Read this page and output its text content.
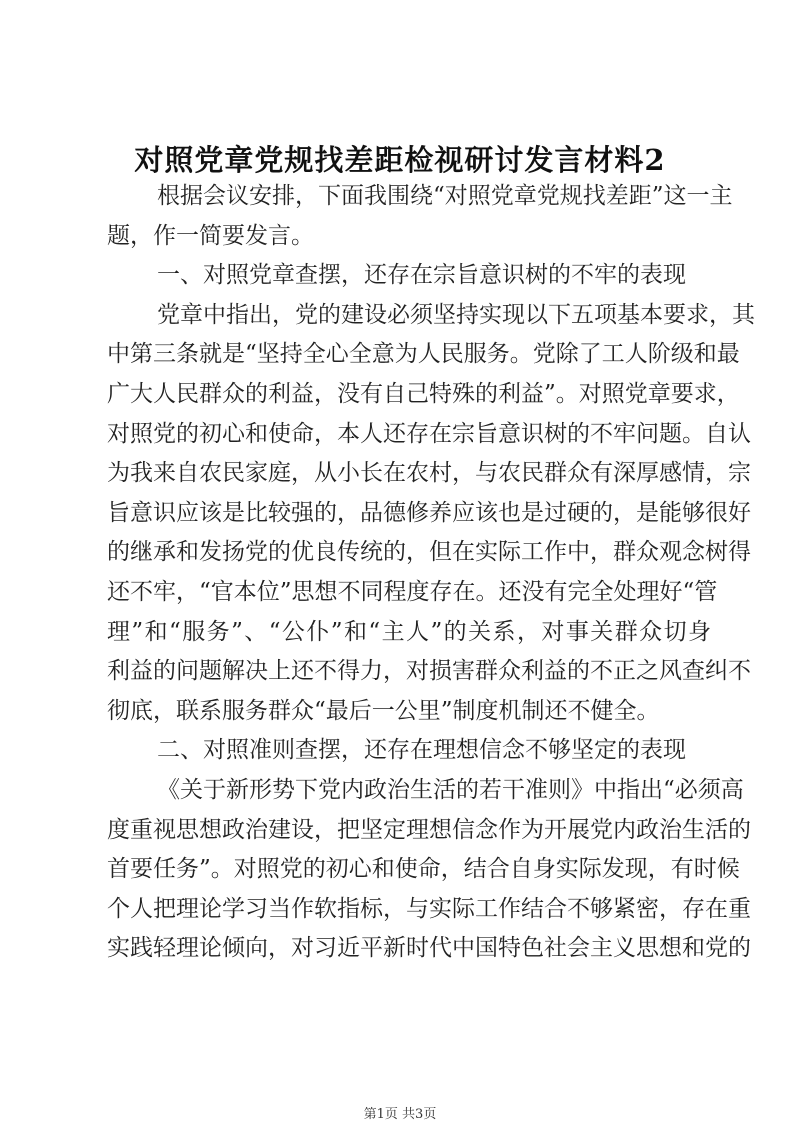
对照党章党规找差距检视研讨发言材料2
根据会议安排，下面我围绕“对照党章党规找差距”这一主
题，作一简要发言。
一、对照党章查摆，还存在宗旨意识树的不牢的表现
党章中指出，党的建设必须坚持实现以下五项基本要求，其
中第三条就是“坚持全心全意为人民服务。党除了工人阶级和最
广大人民群众的利益，没有自己特殊的利益”。对照党章要求，
对照党的初心和使命，本人还存在宗旨意识树的不牢问题。自认
为我来自农民家庭，从小长在农村，与农民群众有深厚感情，宗
旨意识应该是比较强的，品德修养应该也是过硬的，是能够很好
的继承和发扬党的优良传统的，但在实际工作中，群众观念树得
还不牢，“官本位”思想不同程度存在。还没有完全处理好“管
理”和“服务”、“公仆”和“主人”的关系，对事关群众切身
利益的问题解决上还不得力，对损害群众利益的不正之风查纠不
彻底，联系服务群众“最后一公里”制度机制还不健全。
二、对照准则查摆，还存在理想信念不够坚定的表现
《关于新形势下党内政治生活的若干准则》中指出“必须高
度重视思想政治建设，把坚定理想信念作为开展党内政治生活的
首要任务”。对照党的初心和使命，结合自身实际发现，有时候
个人把理论学习当作软指标，与实际工作结合不够紧密，存在重
实践轻理论倾向，对习近平新时代中国特色社会主义思想和党的
第1页 共3页
